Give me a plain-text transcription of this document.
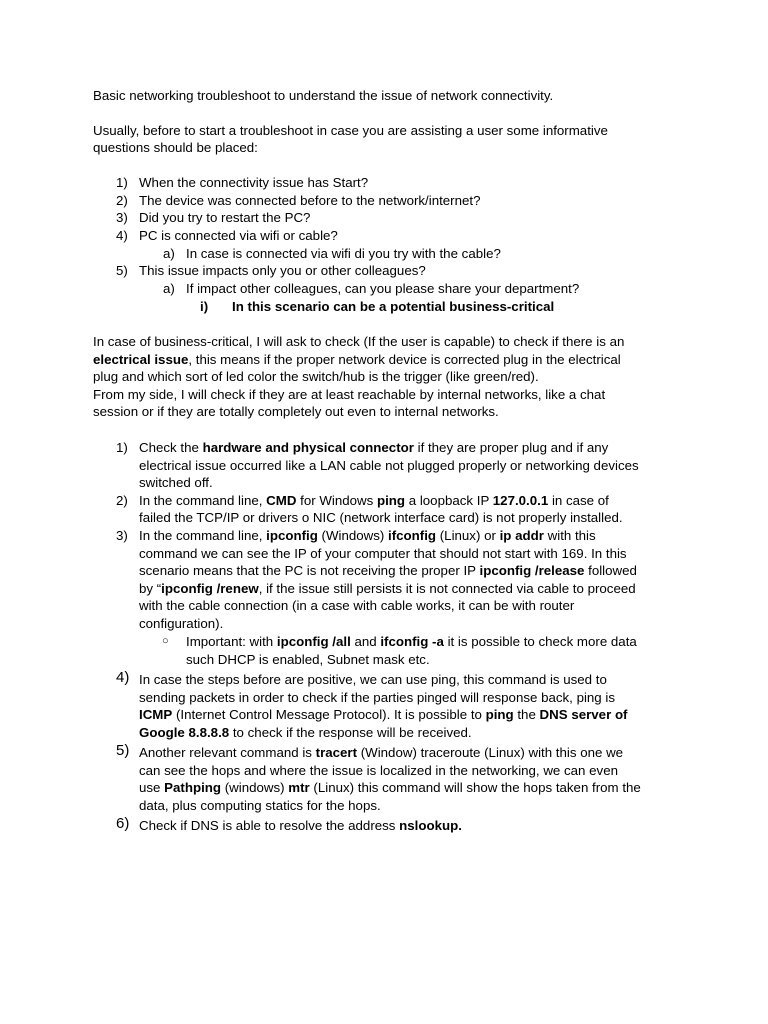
Basic networking troubleshoot to understand the issue of network connectivity.
Usually, before to start a troubleshoot in case you are assisting a user some informative
questions should be placed:
1) When the connectivity issue has Start?
2) The device was connected before to the network/internet?
3) Did you try to restart the PC?
4) PC is connected via wifi or cable?
a) In case is connected via wifi di you try with the cable?
5) This issue impacts only you or other colleagues?
a) If impact other colleagues, can you please share your department?
i) In this scenario can be a potential business-critical
In case of business-critical, I will ask to check (If the user is capable) to check if there is an
electrical issue, this means if the proper network device is corrected plug in the electrical
plug and which sort of led color the switch/hub is the trigger (like green/red).
From my side, I will check if they are at least reachable by internal networks, like a chat
session or if they are totally completely out even to internal networks.
1) Check the hardware and physical connector if they are proper plug and if any
electrical issue occurred like a LAN cable not plugged properly or networking devices
switched off.
2) In the command line, CMD for Windows ping a loopback IP 127.0.0.1 in case of
failed the TCP/IP or drivers o NIC (network interface card) is not properly installed.
3) In the command line, ipconfig (Windows) ifconfig (Linux) or ip addr with this
command we can see the IP of your computer that should not start with 169. In this
scenario means that the PC is not receiving the proper IP ipconfig /release followed
by “ipconfig /renew, if the issue still persists it is not connected via cable to proceed
with the cable connection (in a case with cable works, it can be with router
configuration).
○ Important: with ipconfig /all and ifconfig -a it is possible to check more data
such DHCP is enabled, Subnet mask etc.
4) In case the steps before are positive, we can use ping, this command is used to
sending packets in order to check if the parties pinged will response back, ping is
ICMP (Internet Control Message Protocol). It is possible to ping the DNS server of
Google 8.8.8.8 to check if the response will be received.
5) Another relevant command is tracert (Window) traceroute (Linux) with this one we
can see the hops and where the issue is localized in the networking, we can even
use Pathping (windows) mtr (Linux) this command will show the hops taken from the
data, plus computing statics for the hops.
6) Check if DNS is able to resolve the address nslookup.
